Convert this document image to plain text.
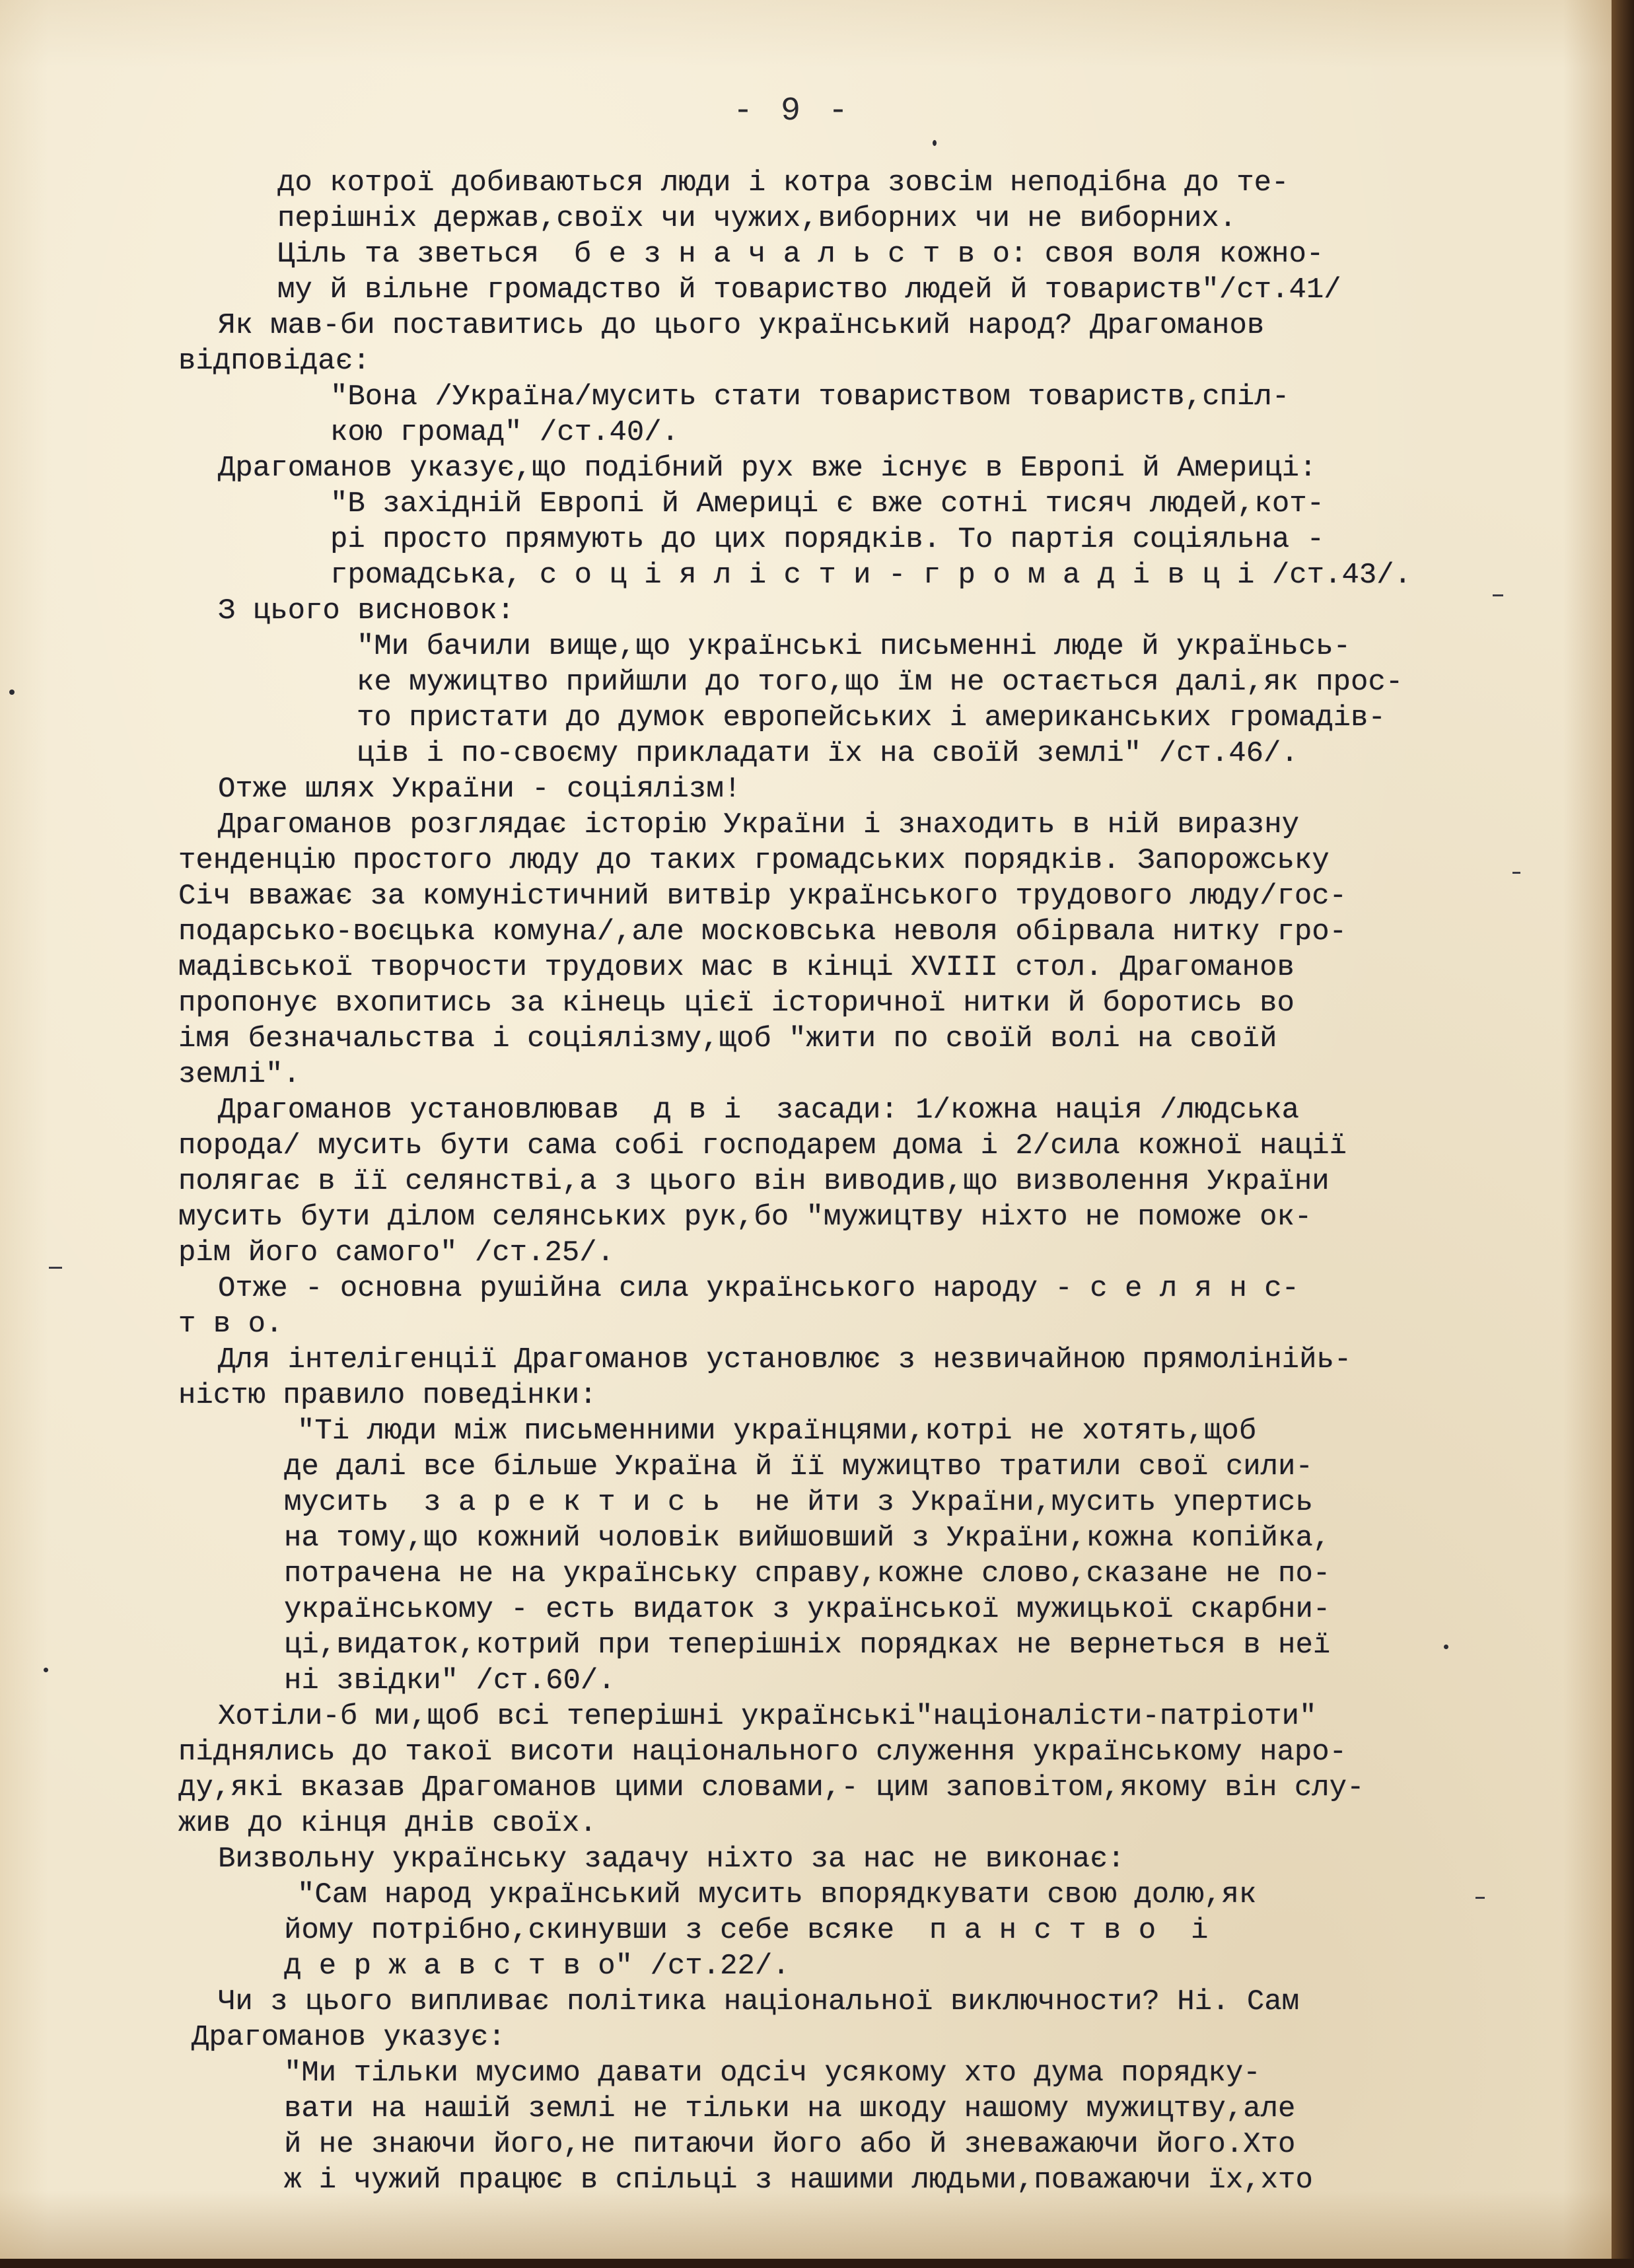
- 9 -
до котрої добиваються люди і котра зовсім неподібна до те-
перішніх держав,своїх чи чужих,виборних чи не виборних.
Ціль та зветься  б е з н а ч а л ь с т в о: своя воля кожно-
му й вільне громадство й товариство людей й товариств"/ст.41/
Як мав-би поставитись до цього український народ? Драгоманов
відповідає:
"Вона /Україна/мусить стати товариством товариств,спіл-
кою громад" /ст.40/.
Драгоманов указує,що подібний рух вже існує в Европі й Америці:
"В західній Европі й Америці є вже сотні тисяч людей,кот-
рі просто прямують до цих порядків. То партія соціяльна -
громадська, с о ц і я л і с т и - г р о м а д і в ц і /ст.43/.
З цього висновок:
"Ми бачили вище,що українські письменні люде й україньсь-
ке мужицтво прийшли до того,що їм не остається далі,як прос-
то пристати до думок европейських і американських громадів-
ців і по-своєму прикладати їх на своїй землі" /ст.46/.
Отже шлях України - соціялізм!
Драгоманов розглядає історію України і знаходить в ній виразну
тенденцію простого люду до таких громадських порядків. Запорожську
Січ вважає за комуністичний витвір українського трудового люду/гос-
подарсько-воєцька комуна/,але московська неволя обірвала нитку гро-
мадівської творчости трудових мас в кінці XVIII стол. Драгоманов
пропонує вхопитись за кінець цієї історичної нитки й боротись во
імя безначальства і соціялізму,щоб "жити по своїй волі на своїй
землі".
Драгоманов установлював  д в і  засади: 1/кожна нація /людська
порода/ мусить бути сама собі господарем дома і 2/сила кожної нації
полягає в її селянстві,а з цього він виводив,що визволення України
мусить бути ділом селянських рук,бо "мужицтву ніхто не поможе ок-
рім його самого" /ст.25/.
Отже - основна рушійна сила українського народу - с е л я н с-
т в о.
Для інтелігенції Драгоманов установлює з незвичайною прямолінійь-
ністю правило поведінки:
"Ті люди між письменними українцями,котрі не хотять,щоб
де далі все більше Україна й її мужицтво тратили свої сили-
мусить  з а р е к т и с ь  не йти з України,мусить упертись
на тому,що кожний чоловік вийшовший з України,кожна копійка,
потрачена не на українську справу,кожне слово,сказане не по-
українському - есть видаток з української мужицької скарбни-
ці,видаток,котрий при теперішніх порядках не вернеться в неї
ні звідки" /ст.60/.
Хотіли-б ми,щоб всі теперішні українські"націоналісти-патріоти"
піднялись до такої висоти національного служення українському наро-
ду,які вказав Драгоманов цими словами,- цим заповітом,якому він слу-
жив до кінця днів своїх.
Визвольну українську задачу ніхто за нас не виконає:
"Сам народ український мусить впорядкувати свою долю,як
йому потрібно,скинувши з себе всяке  п а н с т в о  і
д е р ж а в с т в о" /ст.22/.
Чи з цього випливає політика національної виключности? Ні. Сам
Драгоманов указує:
"Ми тільки мусимо давати одсіч усякому хто дума порядку-
вати на нашій землі не тільки на шкоду нашому мужицтву,але
й не знаючи його,не питаючи його або й зневажаючи його.Хто
ж і чужий працює в спільці з нашими людьми,поважаючи їх,хто
